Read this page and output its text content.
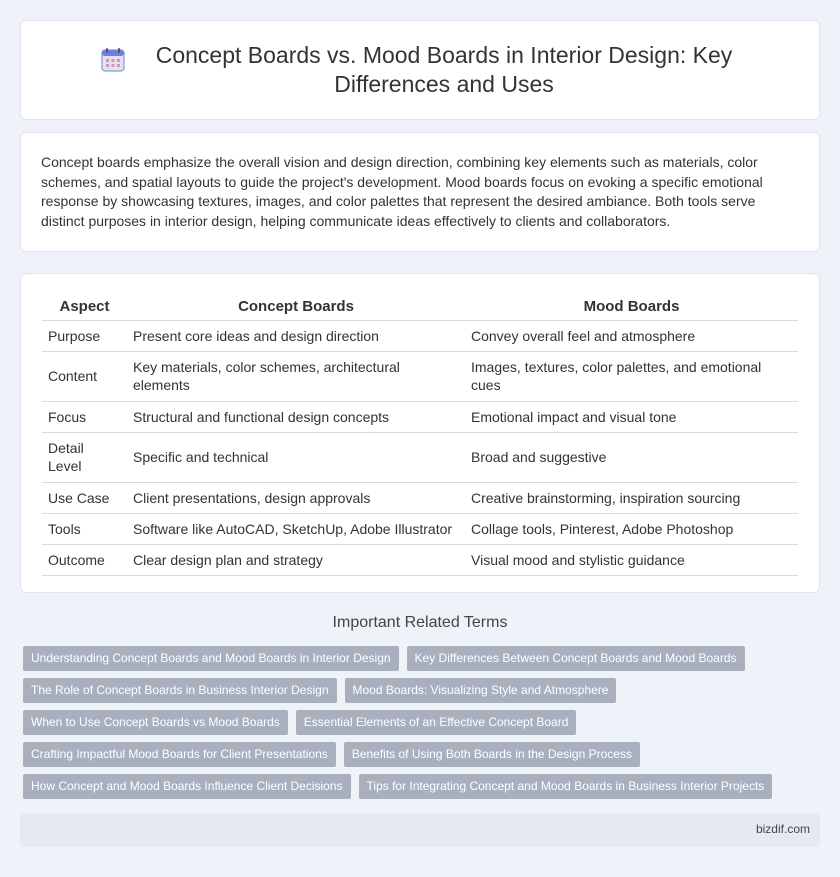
Concept Boards vs. Mood Boards in Interior Design: Key Differences and Uses

Concept boards emphasize the overall vision and design direction, combining key elements such as materials, color schemes, and spatial layouts to guide the project's development. Mood boards focus on evoking a specific emotional response by showcasing textures, images, and color palettes that represent the desired ambiance. Both tools serve distinct purposes in interior design, helping communicate ideas effectively to clients and collaborators.

Aspect	Concept Boards	Mood Boards
Purpose	Present core ideas and design direction	Convey overall feel and atmosphere
Content	Key materials, color schemes, architectural elements	Images, textures, color palettes, and emotional cues
Focus	Structural and functional design concepts	Emotional impact and visual tone
Detail Level	Specific and technical	Broad and suggestive
Use Case	Client presentations, design approvals	Creative brainstorming, inspiration sourcing
Tools	Software like AutoCAD, SketchUp, Adobe Illustrator	Collage tools, Pinterest, Adobe Photoshop
Outcome	Clear design plan and strategy	Visual mood and stylistic guidance
Important Related Terms
Understanding Concept Boards and Mood Boards in Interior Design	Key Differences Between Concept Boards and Mood Boards
The Role of Concept Boards in Business Interior Design	Mood Boards: Visualizing Style and Atmosphere
When to Use Concept Boards vs Mood Boards	Essential Elements of an Effective Concept Board
Crafting Impactful Mood Boards for Client Presentations	Benefits of Using Both Boards in the Design Process
How Concept and Mood Boards Influence Client Decisions	Tips for Integrating Concept and Mood Boards in Business Interior Projects
bizdif.com
